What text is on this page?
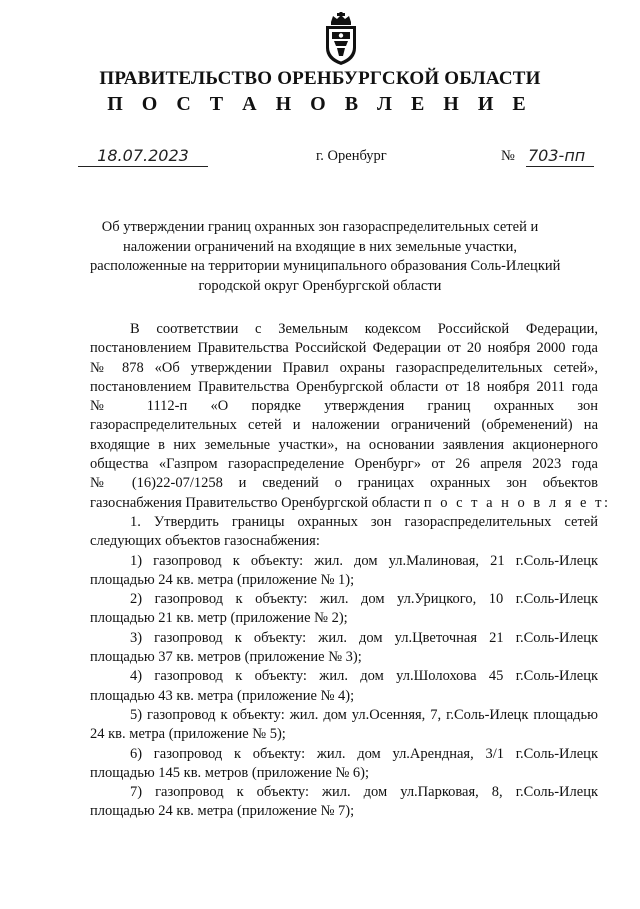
ПРАВИТЕЛЬСТВО ОРЕНБУРГСКОЙ ОБЛАСТИ
П О С Т А Н О В Л Е Н И Е
18.07.2023	г. Оренбург	№ 703-пп
Об утверждении границ охранных зон газораспределительных сетей и
наложении ограничений на входящие в них земельные участки,
расположенные на территории муниципального образования Соль-Илецкий
городской округ Оренбургской области
В соответствии с Земельным кодексом Российской Федерации,
постановлением Правительства Российской Федерации от 20 ноября 2000 года
№ 878 «Об утверждении Правил охраны газораспределительных сетей»,
постановлением Правительства Оренбургской области от 18 ноября 2011 года
№ 1112-п «О порядке утверждения границ охранных зон
газораспределительных сетей и наложении ограничений (обременений) на
входящие в них земельные участки», на основании заявления акционерного
общества «Газпром газораспределение Оренбург» от 26 апреля 2023 года
№ (16)22-07/1258 и сведений о границах охранных зон объектов
газоснабжения Правительство Оренбургской области п о с т а н о в л я е т:
1. Утвердить границы охранных зон газораспределительных сетей
следующих объектов газоснабжения:
1) газопровод к объекту: жил. дом ул.Малиновая, 21 г.Соль-Илецк
площадью 24 кв. метра (приложение № 1);
2) газопровод к объекту: жил. дом ул.Урицкого, 10 г.Соль-Илецк
площадью 21 кв. метр (приложение № 2);
3) газопровод к объекту: жил. дом ул.Цветочная 21 г.Соль-Илецк
площадью 37 кв. метров (приложение № 3);
4) газопровод к объекту: жил. дом ул.Шолохова 45 г.Соль-Илецк
площадью 43 кв. метра (приложение № 4);
5) газопровод к объекту: жил. дом ул.Осенняя, 7, г.Соль-Илецк площадью
24 кв. метра (приложение № 5);
6) газопровод к объекту: жил. дом ул.Арендная, 3/1 г.Соль-Илецк
площадью 145 кв. метров (приложение № 6);
7) газопровод к объекту: жил. дом ул.Парковая, 8, г.Соль-Илецк
площадью 24 кв. метра (приложение № 7);
